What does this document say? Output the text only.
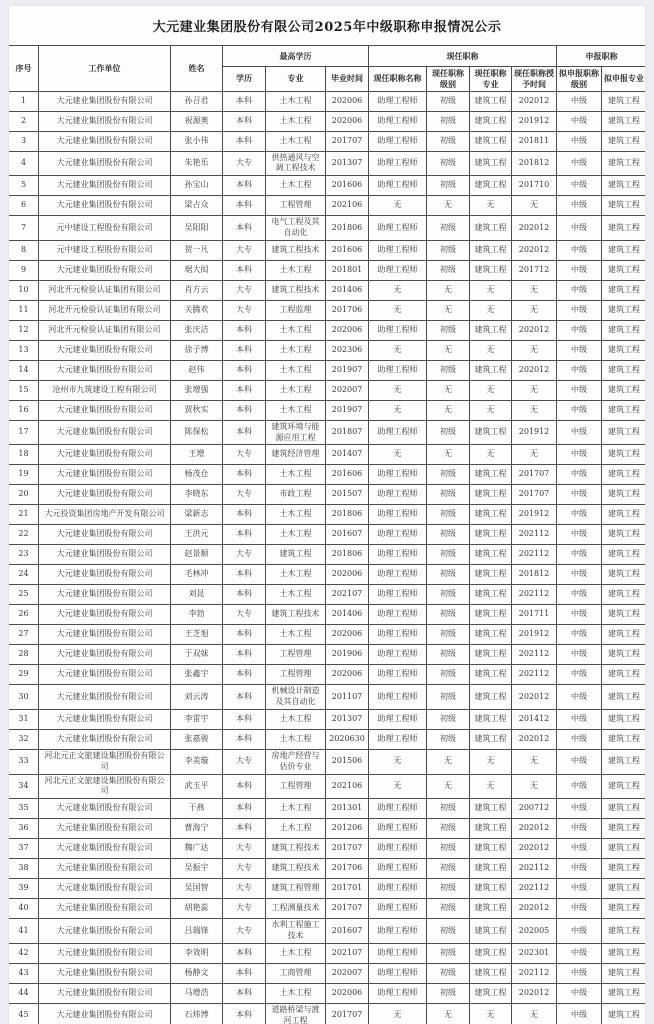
大元建业集团股份有限公司2025年中级职称申报情况公示
序号	工作单位	姓名	最高学历			现任职称				申报职称	
			学历	专业	毕业时间	现任职称名称	现任职称级别	现任职称专业	现任职称授予时间	拟申报职称级别	拟申报专业
1	大元建业集团股份有限公司	孙召君	本科	土木工程	202006	助理工程师	初级	建筑工程	202012	中级	建筑工程
2	大元建业集团股份有限公司	祝源奥	本科	土木工程	202006	助理工程师	初级	建筑工程	201912	中级	建筑工程
3	大元建业集团股份有限公司	张小伟	本科	土木工程	201707	助理工程师	初级	建筑工程	201811	中级	建筑工程
4	大元建业集团股份有限公司	朱艳乐	大专	供热通风与空调工程技术	201307	助理工程师	初级	建筑工程	201812	中级	建筑工程
5	大元建业集团股份有限公司	孙宝山	本科	土木工程	201606	助理工程师	初级	建筑工程	201710	中级	建筑工程
6	大元建业集团股份有限公司	梁占众	本科	工程管理	202106	无	无	无	无	中级	建筑工程
7	元中建设工程股份有限公司	吴阳阳	本科	电气工程及其自动化	201806	助理工程师	初级	建筑工程	202012	中级	建筑工程
8	元中建设工程股份有限公司	贺一凡	大专	建筑工程技术	201606	助理工程师	初级	建筑工程	202012	中级	建筑工程
9	大元建业集团股份有限公司	琚大闳	本科	土木工程	201801	助理工程师	初级	建筑工程	201712	中级	建筑工程
10	河北开元检验认证集团有限公司	肖方云	大专	建筑工程技术	201406	无	无	无	无	中级	建筑工程
11	河北开元检验认证集团有限公司	关腾欢	大专	工程监理	201706	无	无	无	无	中级	建筑工程
12	河北开元检验认证集团有限公司	张庆洁	本科	土木工程	202006	助理工程师	初级	建筑工程	202012	中级	建筑工程
13	大元建业集团股份有限公司	徐子博	本科	土木工程	202306	无	无	无	无	中级	建筑工程
14	大元建业集团股份有限公司	赵伟	本科	土木工程	201907	助理工程师	初级	建筑工程	202012	中级	建筑工程
15	沧州市九筑建设工程有限公司	张增强	本科	土木工程	202007	无	无	无	无	中级	建筑工程
16	大元建业集团股份有限公司	贾秋实	本科	土木工程	201907	无	无	无	无	中级	建筑工程
17	大元建业集团股份有限公司	陈保松	本科	建筑环境与能源应用工程	201807	助理工程师	初级	建筑工程	201912	中级	建筑工程
18	大元建业集团股份有限公司	王增	大专	建筑经济管理	201407	无	无	无	无	中级	建筑工程
19	大元建业集团股份有限公司	杨茂仓	本科	土木工程	201606	助理工程师	初级	建筑工程	201707	中级	建筑工程
20	大元建业集团股份有限公司	李晓东	大专	市政工程	201507	助理工程师	初级	建筑工程	201707	中级	建筑工程
21	大元投资集团房地产开发有限公司	梁新志	本科	土木工程	201806	助理工程师	初级	建筑工程	201912	中级	建筑工程
22	大元建业集团股份有限公司	王洪元	本科	土木工程	201607	助理工程师	初级	建筑工程	202112	中级	建筑工程
23	大元建业集团股份有限公司	赵景顺	大专	建筑工程	201806	助理工程师	初级	建筑工程	202112	中级	建筑工程
24	大元建业集团股份有限公司	毛林冲	本科	土木工程	202006	助理工程师	初级	建筑工程	201812	中级	建筑工程
25	大元建业集团股份有限公司	刘昆	本科	土木工程	202107	助理工程师	初级	建筑工程	202112	中级	建筑工程
26	大元建业集团股份有限公司	李勃	大专	建筑工程技术	201406	助理工程师	初级	建筑工程	201711	中级	建筑工程
27	大元建业集团股份有限公司	王芝旭	本科	土木工程	202006	助理工程师	初级	建筑工程	201912	中级	建筑工程
28	大元建业集团股份有限公司	于双妹	本科	工程管理	201906	助理工程师	初级	建筑工程	202112	中级	建筑工程
29	大元建业集团股份有限公司	张鑫宇	本科	工程管理	202006	助理工程师	初级	建筑工程	202112	中级	建筑工程
30	大元建业集团股份有限公司	刘云涛	本科	机械设计制造及其自动化	201107	助理工程师	初级	建筑工程	202012	中级	建筑工程
31	大元建业集团股份有限公司	李雷宇	本科	土木工程	201307	助理工程师	初级	建筑工程	201412	中级	建筑工程
32	大元建业集团股份有限公司	张嘉骏	本科	土木工程	2020630	助理工程师	初级	建筑工程	202012	中级	建筑工程
33	河北元正文旅建设集团股份有限公司	李美璇	大专	房地产经营与估价专业	201506	无	无	无	无	中级	建筑工程
34	河北元正文旅建设集团股份有限公司	武玉平	本科	工程管理	202106	无	无	无	无	中级	建筑工程
35	大元建业集团股份有限公司	于燕	本科	土木工程	201301	助理工程师	初级	建筑工程	200712	中级	建筑工程
36	大元建业集团股份有限公司	曹海宁	本科	土木工程	201206	助理工程师	初级	建筑工程	202012	中级	建筑工程
37	大元建业集团股份有限公司	魏广达	大专	建筑工程技术	201707	助理工程师	初级	建筑工程	202012	中级	建筑工程
38	大元建业集团股份有限公司	吴振宇	大专	建筑工程技术	201706	助理工程师	初级	建筑工程	202112	中级	建筑工程
39	大元建业集团股份有限公司	吴国智	大专	建筑工程管理	201701	助理工程师	初级	建筑工程	202112	中级	建筑工程
40	大元建业集团股份有限公司	胡艳蕊	大专	工程测量技术	201707	助理工程师	初级	建筑工程	202012	中级	建筑工程
41	大元建业集团股份有限公司	吕瑞锋	大专	水利工程施工技术	201607	助理工程师	初级	建筑工程	202005	中级	建筑工程
42	大元建业集团股份有限公司	李效明	本科	土木工程	202107	助理工程师	初级	建筑工程	202301	中级	建筑工程
43	大元建业集团股份有限公司	杨静文	本科	工商管理	202007	助理工程师	初级	建筑工程	202112	中级	建筑工程
44	大元建业集团股份有限公司	马增浩	本科	土木工程	202006	助理工程师	初级	建筑工程	202012	中级	建筑工程
45	大元建业集团股份有限公司	石炜博	本科	道路桥梁与渡河工程	201707	无	无	无	无	中级	建筑工程
